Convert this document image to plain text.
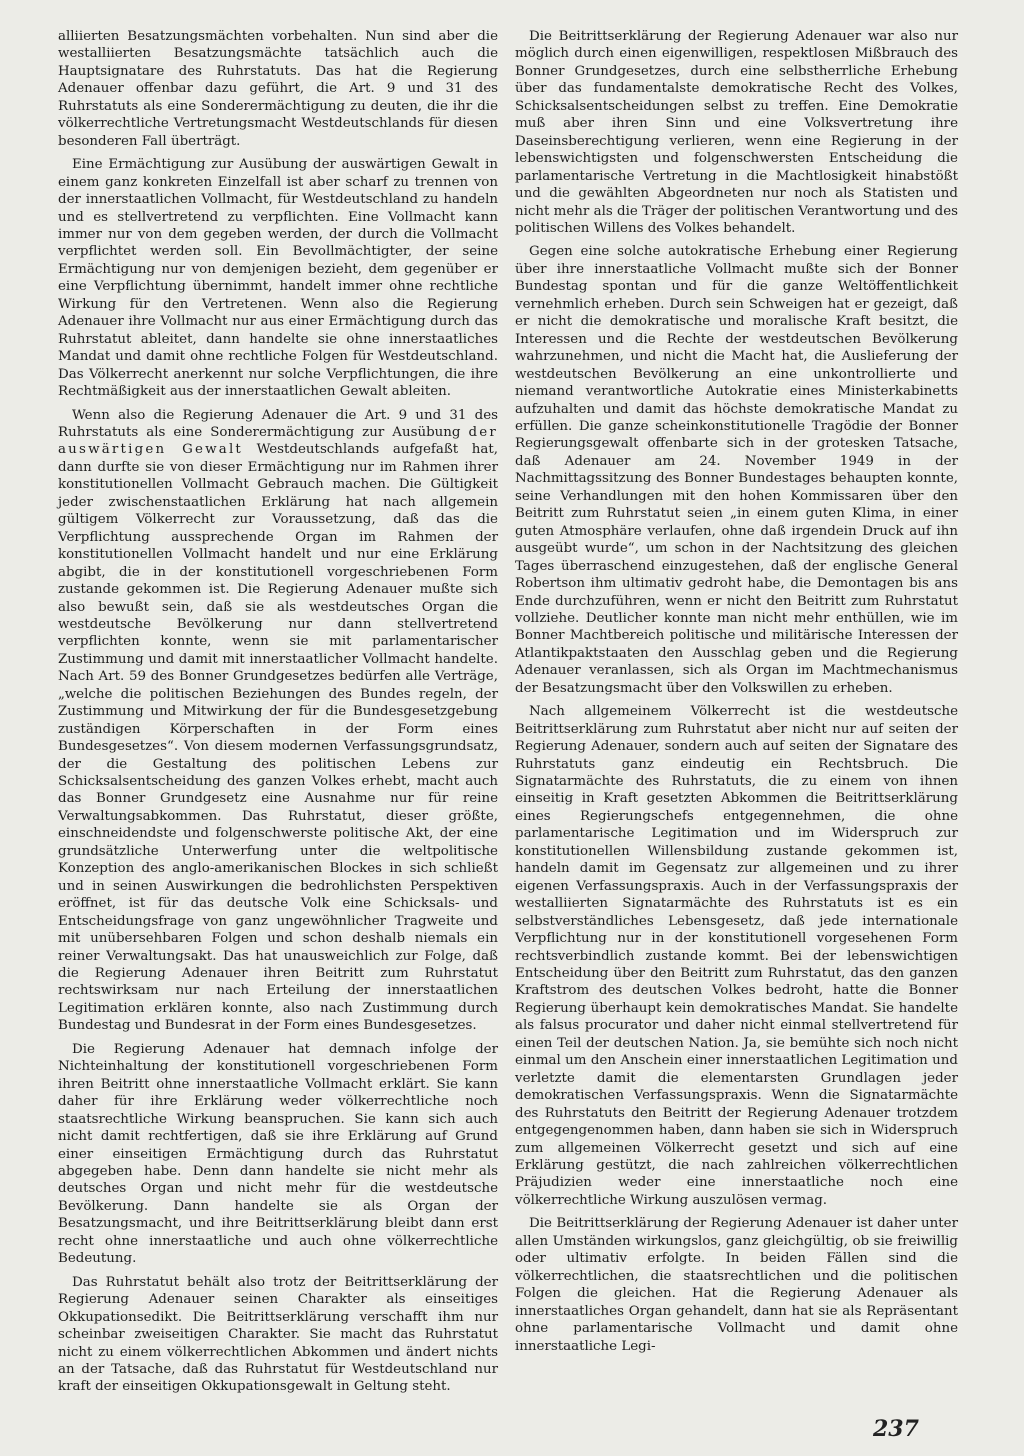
alliierten Besatzungsmächten vorbehalten. Nun sind aber die westalliierten Besatzungsmächte tatsächlich auch die Hauptsignatare des Ruhrstatuts. Das hat die Regierung Adenauer offenbar dazu geführt, die Art. 9 und 31 des Ruhrstatuts als eine Sonderermächtigung zu deuten, die ihr die völkerrechtliche Vertretungsmacht Westdeutschlands für diesen besonderen Fall überträgt.

Eine Ermächtigung zur Ausübung der auswärtigen Gewalt in einem ganz konkreten Einzelfall ist aber scharf zu trennen von der innerstaatlichen Vollmacht, für Westdeutschland zu handeln und es stellvertretend zu verpflichten. Eine Vollmacht kann immer nur von dem gegeben werden, der durch die Vollmacht verpflichtet werden soll. Ein Bevollmächtigter, der seine Ermächtigung nur von demjenigen bezieht, dem gegenüber er eine Verpflichtung übernimmt, handelt immer ohne rechtliche Wirkung für den Vertretenen. Wenn also die Regierung Adenauer ihre Vollmacht nur aus einer Ermächtigung durch das Ruhrstatut ableitet, dann handelte sie ohne innerstaatliches Mandat und damit ohne rechtliche Folgen für Westdeutschland. Das Völkerrecht anerkennt nur solche Verpflichtungen, die ihre Rechtmäßigkeit aus der innerstaatlichen Gewalt ableiten.

Wenn also die Regierung Adenauer die Art. 9 und 31 des Ruhrstatuts als eine Sonderermächtigung zur Ausübung der auswärtigen Gewalt Westdeutschlands aufgefaßt hat, dann durfte sie von dieser Ermächtigung nur im Rahmen ihrer konstitutionellen Vollmacht Gebrauch machen. Die Gültigkeit jeder zwischenstaatlichen Erklärung hat nach allgemein gültigem Völkerrecht zur Voraussetzung, daß das die Verpflichtung aussprechende Organ im Rahmen der konstitutionellen Vollmacht handelt und nur eine Erklärung abgibt, die in der konstitutionell vorgeschriebenen Form zustande gekommen ist. Die Regierung Adenauer mußte sich also bewußt sein, daß sie als westdeutsches Organ die westdeutsche Bevölkerung nur dann stellvertretend verpflichten konnte, wenn sie mit parlamentarischer Zustimmung und damit mit innerstaatlicher Vollmacht handelte. Nach Art. 59 des Bonner Grundgesetzes bedürfen alle Verträge, „welche die politischen Beziehungen des Bundes regeln, der Zustimmung und Mitwirkung der für die Bundesgesetzgebung zuständigen Körperschaften in der Form eines Bundesgesetzes“. Von diesem modernen Verfassungsgrundsatz, der die Gestaltung des politischen Lebens zur Schicksalsentscheidung des ganzen Volkes erhebt, macht auch das Bonner Grundgesetz eine Ausnahme nur für reine Verwaltungsabkommen. Das Ruhrstatut, dieser größte, einschneidendste und folgenschwerste politische Akt, der eine grundsätzliche Unterwerfung unter die weltpolitische Konzeption des anglo-amerikanischen Blockes in sich schließt und in seinen Auswirkungen die bedrohlichsten Perspektiven eröffnet, ist für das deutsche Volk eine Schicksals- und Entscheidungsfrage von ganz ungewöhnlicher Tragweite und mit unübersehbaren Folgen und schon deshalb niemals ein reiner Verwaltungsakt. Das hat unausweichlich zur Folge, daß die Regierung Adenauer ihren Beitritt zum Ruhrstatut rechtswirksam nur nach Erteilung der innerstaatlichen Legitimation erklären konnte, also nach Zustimmung durch Bundestag und Bundesrat in der Form eines Bundesgesetzes.

Die Regierung Adenauer hat demnach infolge der Nichteinhaltung der konstitutionell vorgeschriebenen Form ihren Beitritt ohne innerstaatliche Vollmacht erklärt. Sie kann daher für ihre Erklärung weder völkerrechtliche noch staatsrechtliche Wirkung beanspruchen. Sie kann sich auch nicht damit rechtfertigen, daß sie ihre Erklärung auf Grund einer einseitigen Ermächtigung durch das Ruhrstatut abgegeben habe. Denn dann handelte sie nicht mehr als deutsches Organ und nicht mehr für die westdeutsche Bevölkerung. Dann handelte sie als Organ der Besatzungsmacht, und ihre Beitrittserklärung bleibt dann erst recht ohne innerstaatliche und auch ohne völkerrechtliche Bedeutung.

Das Ruhrstatut behält also trotz der Beitrittserklärung der Regierung Adenauer seinen Charakter als einseitiges Okkupationsedikt. Die Beitrittserklärung verschafft ihm nur scheinbar zweiseitigen Charakter. Sie macht das Ruhrstatut nicht zu einem völkerrechtlichen Abkommen und ändert nichts an der Tatsache, daß das Ruhrstatut für Westdeutschland nur kraft der einseitigen Okkupationsgewalt in Geltung steht.

Die Beitrittserklärung der Regierung Adenauer war also nur möglich durch einen eigenwilligen, respektlosen Mißbrauch des Bonner Grundgesetzes, durch eine selbstherrliche Erhebung über das fundamentalste demokratische Recht des Volkes, Schicksalsentscheidungen selbst zu treffen. Eine Demokratie muß aber ihren Sinn und eine Volksvertretung ihre Daseinsberechtigung verlieren, wenn eine Regierung in der lebenswichtigsten und folgenschwersten Entscheidung die parlamentarische Vertretung in die Machtlosigkeit hinabstößt und die gewählten Abgeordneten nur noch als Statisten und nicht mehr als die Träger der politischen Verantwortung und des politischen Willens des Volkes behandelt.

Gegen eine solche autokratische Erhebung einer Regierung über ihre innerstaatliche Vollmacht mußte sich der Bonner Bundestag spontan und für die ganze Weltöffentlichkeit vernehmlich erheben. Durch sein Schweigen hat er gezeigt, daß er nicht die demokratische und moralische Kraft besitzt, die Interessen und die Rechte der westdeutschen Bevölkerung wahrzunehmen, und nicht die Macht hat, die Auslieferung der westdeutschen Bevölkerung an eine unkontrollierte und niemand verantwortliche Autokratie eines Ministerkabinetts aufzuhalten und damit das höchste demokratische Mandat zu erfüllen. Die ganze scheinkonstitutionelle Tragödie der Bonner Regierungsgewalt offenbarte sich in der grotesken Tatsache, daß Adenauer am 24. November 1949 in der Nachmittagssitzung des Bonner Bundestages behaupten konnte, seine Verhandlungen mit den hohen Kommissaren über den Beitritt zum Ruhrstatut seien „in einem guten Klima, in einer guten Atmosphäre verlaufen, ohne daß irgendein Druck auf ihn ausgeübt wurde“, um schon in der Nachtsitzung des gleichen Tages überraschend einzugestehen, daß der englische General Robertson ihm ultimativ gedroht habe, die Demontagen bis ans Ende durchzuführen, wenn er nicht den Beitritt zum Ruhrstatut vollziehe. Deutlicher konnte man nicht mehr enthüllen, wie im Bonner Machtbereich politische und militärische Interessen der Atlantikpaktstaaten den Ausschlag geben und die Regierung Adenauer veranlassen, sich als Organ im Machtmechanismus der Besatzungsmacht über den Volkswillen zu erheben.

Nach allgemeinem Völkerrecht ist die westdeutsche Beitrittserklärung zum Ruhrstatut aber nicht nur auf seiten der Regierung Adenauer, sondern auch auf seiten der Signatare des Ruhrstatuts ganz eindeutig ein Rechtsbruch. Die Signatarmächte des Ruhrstatuts, die zu einem von ihnen einseitig in Kraft gesetzten Abkommen die Beitrittserklärung eines Regierungschefs entgegennehmen, die ohne parlamentarische Legitimation und im Widerspruch zur konstitutionellen Willensbildung zustande gekommen ist, handeln damit im Gegensatz zur allgemeinen und zu ihrer eigenen Verfassungspraxis. Auch in der Verfassungspraxis der westalliierten Signatarmächte des Ruhrstatuts ist es ein selbstverständliches Lebensgesetz, daß jede internationale Verpflichtung nur in der konstitutionell vorgesehenen Form rechtsverbindlich zustande kommt. Bei der lebenswichtigen Entscheidung über den Beitritt zum Ruhrstatut, das den ganzen Kraftstrom des deutschen Volkes bedroht, hatte die Bonner Regierung überhaupt kein demokratisches Mandat. Sie handelte als falsus procurator und daher nicht einmal stellvertretend für einen Teil der deutschen Nation. Ja, sie bemühte sich noch nicht einmal um den Anschein einer innerstaatlichen Legitimation und verletzte damit die elementarsten Grundlagen jeder demokratischen Verfassungspraxis. Wenn die Signatarmächte des Ruhrstatuts den Beitritt der Regierung Adenauer trotzdem entgegengenommen haben, dann haben sie sich in Widerspruch zum allgemeinen Völkerrecht gesetzt und sich auf eine Erklärung gestützt, die nach zahlreichen völkerrechtlichen Präjudizien weder eine innerstaatliche noch eine völkerrechtliche Wirkung auszulösen vermag.

Die Beitrittserklärung der Regierung Adenauer ist daher unter allen Umständen wirkungslos, ganz gleichgültig, ob sie freiwillig oder ultimativ erfolgte. In beiden Fällen sind die völkerrechtlichen, die staatsrechtlichen und die politischen Folgen die gleichen. Hat die Regierung Adenauer als innerstaatliches Organ gehandelt, dann hat sie als Repräsentant ohne parlamentarische Vollmacht und damit ohne innerstaatliche Legi-

237
